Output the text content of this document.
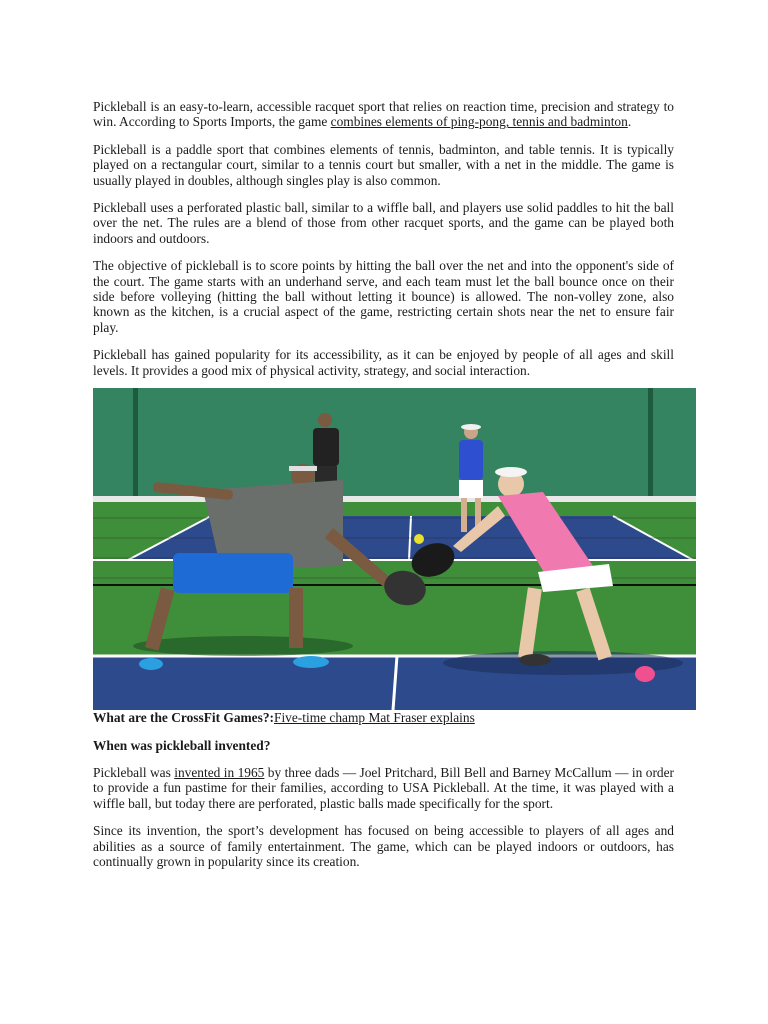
Pickleball is an easy-to-learn, accessible racquet sport that relies on reaction time, precision and strategy to win. According to Sports Imports, the game combines elements of ping-pong, tennis and badminton.

Pickleball is a paddle sport that combines elements of tennis, badminton, and table tennis. It is typically played on a rectangular court, similar to a tennis court but smaller, with a net in the middle. The game is usually played in doubles, although singles play is also common.

Pickleball uses a perforated plastic ball, similar to a wiffle ball, and players use solid paddles to hit the ball over the net. The rules are a blend of those from other racquet sports, and the game can be played both indoors and outdoors.

The objective of pickleball is to score points by hitting the ball over the net and into the opponent's side of the court. The game starts with an underhand serve, and each team must let the ball bounce once on their side before volleying (hitting the ball without letting it bounce) is allowed. The non-volley zone, also known as the kitchen, is a crucial aspect of the game, restricting certain shots near the net to ensure fair play.

Pickleball has gained popularity for its accessibility, as it can be enjoyed by people of all ages and skill levels. It provides a good mix of physical activity, strategy, and social interaction.

What are the CrossFit Games?:Five-time champ Mat Fraser explains

When was pickleball invented?

Pickleball was invented in 1965 by three dads — Joel Pritchard, Bill Bell and Barney McCallum — in order to provide a fun pastime for their families, according to USA Pickleball. At the time, it was played with a wiffle ball, but today there are perforated, plastic balls made specifically for the sport.

Since its invention, the sport’s development has focused on being accessible to players of all ages and abilities as a source of family entertainment. The game, which can be played indoors or outdoors, has continually grown in popularity since its creation.
